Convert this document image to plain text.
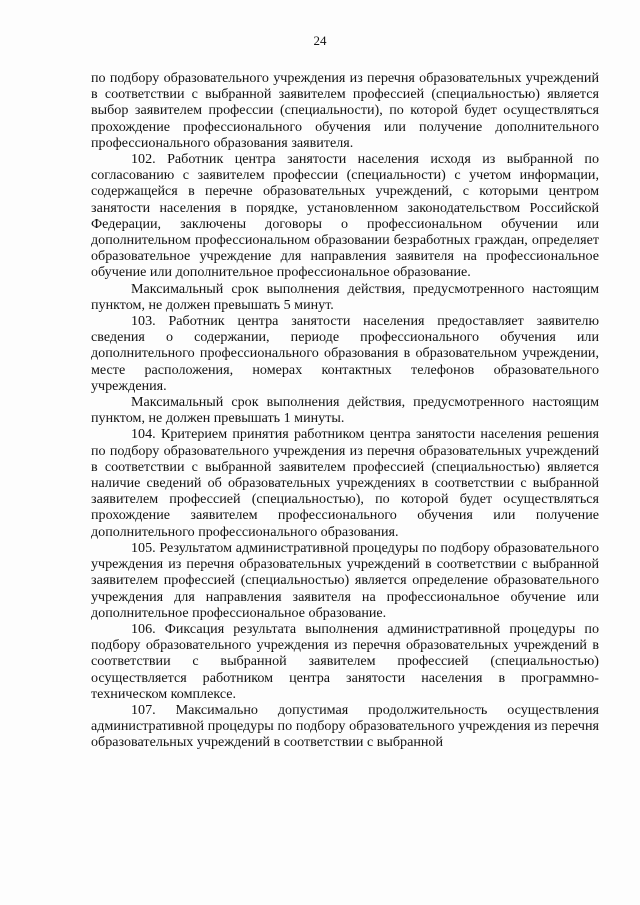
24

по подбору образовательного учреждения из перечня образовательных учреждений в соответствии с выбранной заявителем профессией (специальностью) является выбор заявителем профессии (специальности), по которой будет осуществляться прохождение профессионального обучения или получение дополнительного профессионального образования заявителя.

102. Работник центра занятости населения исходя из выбранной по согласованию с заявителем профессии (специальности) с учетом информации, содержащейся в перечне образовательных учреждений, с которыми центром занятости населения в порядке, установленном законодательством Российской Федерации, заключены договоры о профессиональном обучении или дополнительном профессиональном образовании безработных граждан, определяет образовательное учреждение для направления заявителя на профессиональное обучение или дополнительное профессиональное образование.

Максимальный срок выполнения действия, предусмотренного настоящим пунктом, не должен превышать 5 минут.

103. Работник центра занятости населения предоставляет заявителю сведения о содержании, периоде профессионального обучения или дополнительного профессионального образования в образовательном учреждении, месте расположения, номерах контактных телефонов образовательного учреждения.

Максимальный срок выполнения действия, предусмотренного настоящим пунктом, не должен превышать 1 минуты.

104. Критерием принятия работником центра занятости населения решения по подбору образовательного учреждения из перечня образовательных учреждений в соответствии с выбранной заявителем профессией (специальностью) является наличие сведений об образовательных учреждениях в соответствии с выбранной заявителем профессией (специальностью), по которой будет осуществляться прохождение заявителем профессионального обучения или получение дополнительного профессионального образования.

105. Результатом административной процедуры по подбору образовательного учреждения из перечня образовательных учреждений в соответствии с выбранной заявителем профессией (специальностью) является определение образовательного учреждения для направления заявителя на профессиональное обучение или дополнительное профессиональное образование.

106. Фиксация результата выполнения административной процедуры по подбору образовательного учреждения из перечня образовательных учреждений в соответствии с выбранной заявителем профессией (специальностью) осуществляется работником центра занятости населения в программно-техническом комплексе.

107. Максимально допустимая продолжительность осуществления административной процедуры по подбору образовательного учреждения из перечня образовательных учреждений в соответствии с выбранной
